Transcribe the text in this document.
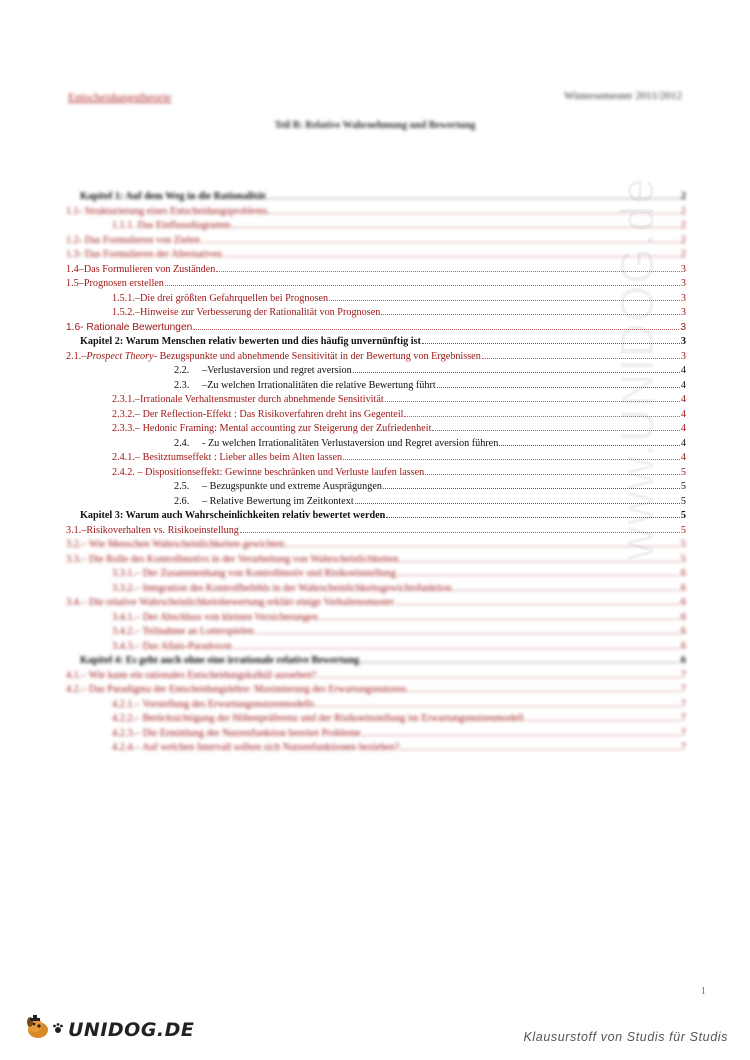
Entscheidungstheorie	Wintersemester 2011/2012
Teil B: Relative Wahrnehmung und Bewertung
Kapitel 1: Auf dem Weg in die Rationalität	2
1.1- Strukturierung eines Entscheidungsproblems	2
1.1.1. Das Einflussdiagramm	2
1.2- Das Formulieren von Zielen	2
1.3- Das Formulieren der Alternativen	2
1.4–Das Formulieren von Zuständen	3
1.5–Prognosen erstellen	3
1.5.1.–Die drei größten Gefahrquellen bei Prognosen	3
1.5.2.–Hinweise zur Verbesserung der Rationalität von Prognosen	3
1.6- Rationale Bewertungen	3
Kapitel 2: Warum Menschen relativ bewerten und dies häufig unvernünftig ist	3
2.1.–Prospect Theory- Bezugspunkte und abnehmende Sensitivität in der Bewertung von Ergebnissen	3
2.2.     –Verlustaversion und regret aversion	4
2.3.     –Zu welchen Irrationalitäten die relative Bewertung führt	4
2.3.1.–Irrationale Verhaltensmuster durch abnehmende Sensitivität	4
2.3.2.– Der Reflection-Effekt : Das Risikoverfahren dreht ins Gegenteil	4
2.3.3.– Hedonic Framing: Mental accounting zur Steigerung der Zufriedenheit	4
2.4.     - Zu welchen Irrationalitäten Verlustaversion und Regret aversion führen	4
2.4.1.– Besitztumseffekt : Lieber alles beim Alten lassen	4
2.4.2. – Dispositionseffekt: Gewinne beschränken und Verluste laufen lassen	5
2.5.     – Bezugspunkte und extreme Ausprägungen	5
2.6.     – Relative Bewertung im Zeitkontext	5
Kapitel 3: Warum auch Wahrscheinlichkeiten relativ bewertet werden	5
3.1.–Risikoverhalten vs. Risikoeinstellung	5
3.2.– Wie Menschen Wahrscheinlichkeiten gewichten	5
3.3.– Die Rolle des Kontrollmotivs in der Verarbeitung von Wahrscheinlichkeiten	5
3.3.1.– Der Zusammenhang von Kontrollmotiv und Risikoeinstellung	6
3.3.2.– Integration des Kontrollbefehls in der Wahrscheinlichkeitsgewichtsfunktion	6
3.4.– Die relative Wahrscheinlichkeitsbewertung erklärt einige Verhaltensmuster	6
3.4.1.– Der Abschluss von kleinen Versicherungen	6
3.4.2.– Teilnahme an Lotterspielen	6
3.4.3.– Das Allais-Paradoxon	6
Kapitel 4: Es geht auch ohne eine irrationale relative Bewertung	6
4.1.– Wie kann ein rationales Entscheidungskalkül aussehen?	7
4.2.– Das Paradigma der Entscheidungslehre: Maximierung des Erwartungsnutzens	7
4.2.1.– Vorstellung des Erwartungsnutzenmodells	7
4.2.2.– Berücksichtigung der Höhenpräferenz und der Risikoeinstellung im Erwartungsnutzenmodell	7
4.2.3.– Die Ermittlung der Nutzenfunktion bereitet Probleme	7
4.2.4.– Auf welchen Intervall sollten sich Nutzenfunktionen beziehen?	7
www.UNIDOG.de
1
UNIDOG.DE	Klausurstoff von Studis für Studis
